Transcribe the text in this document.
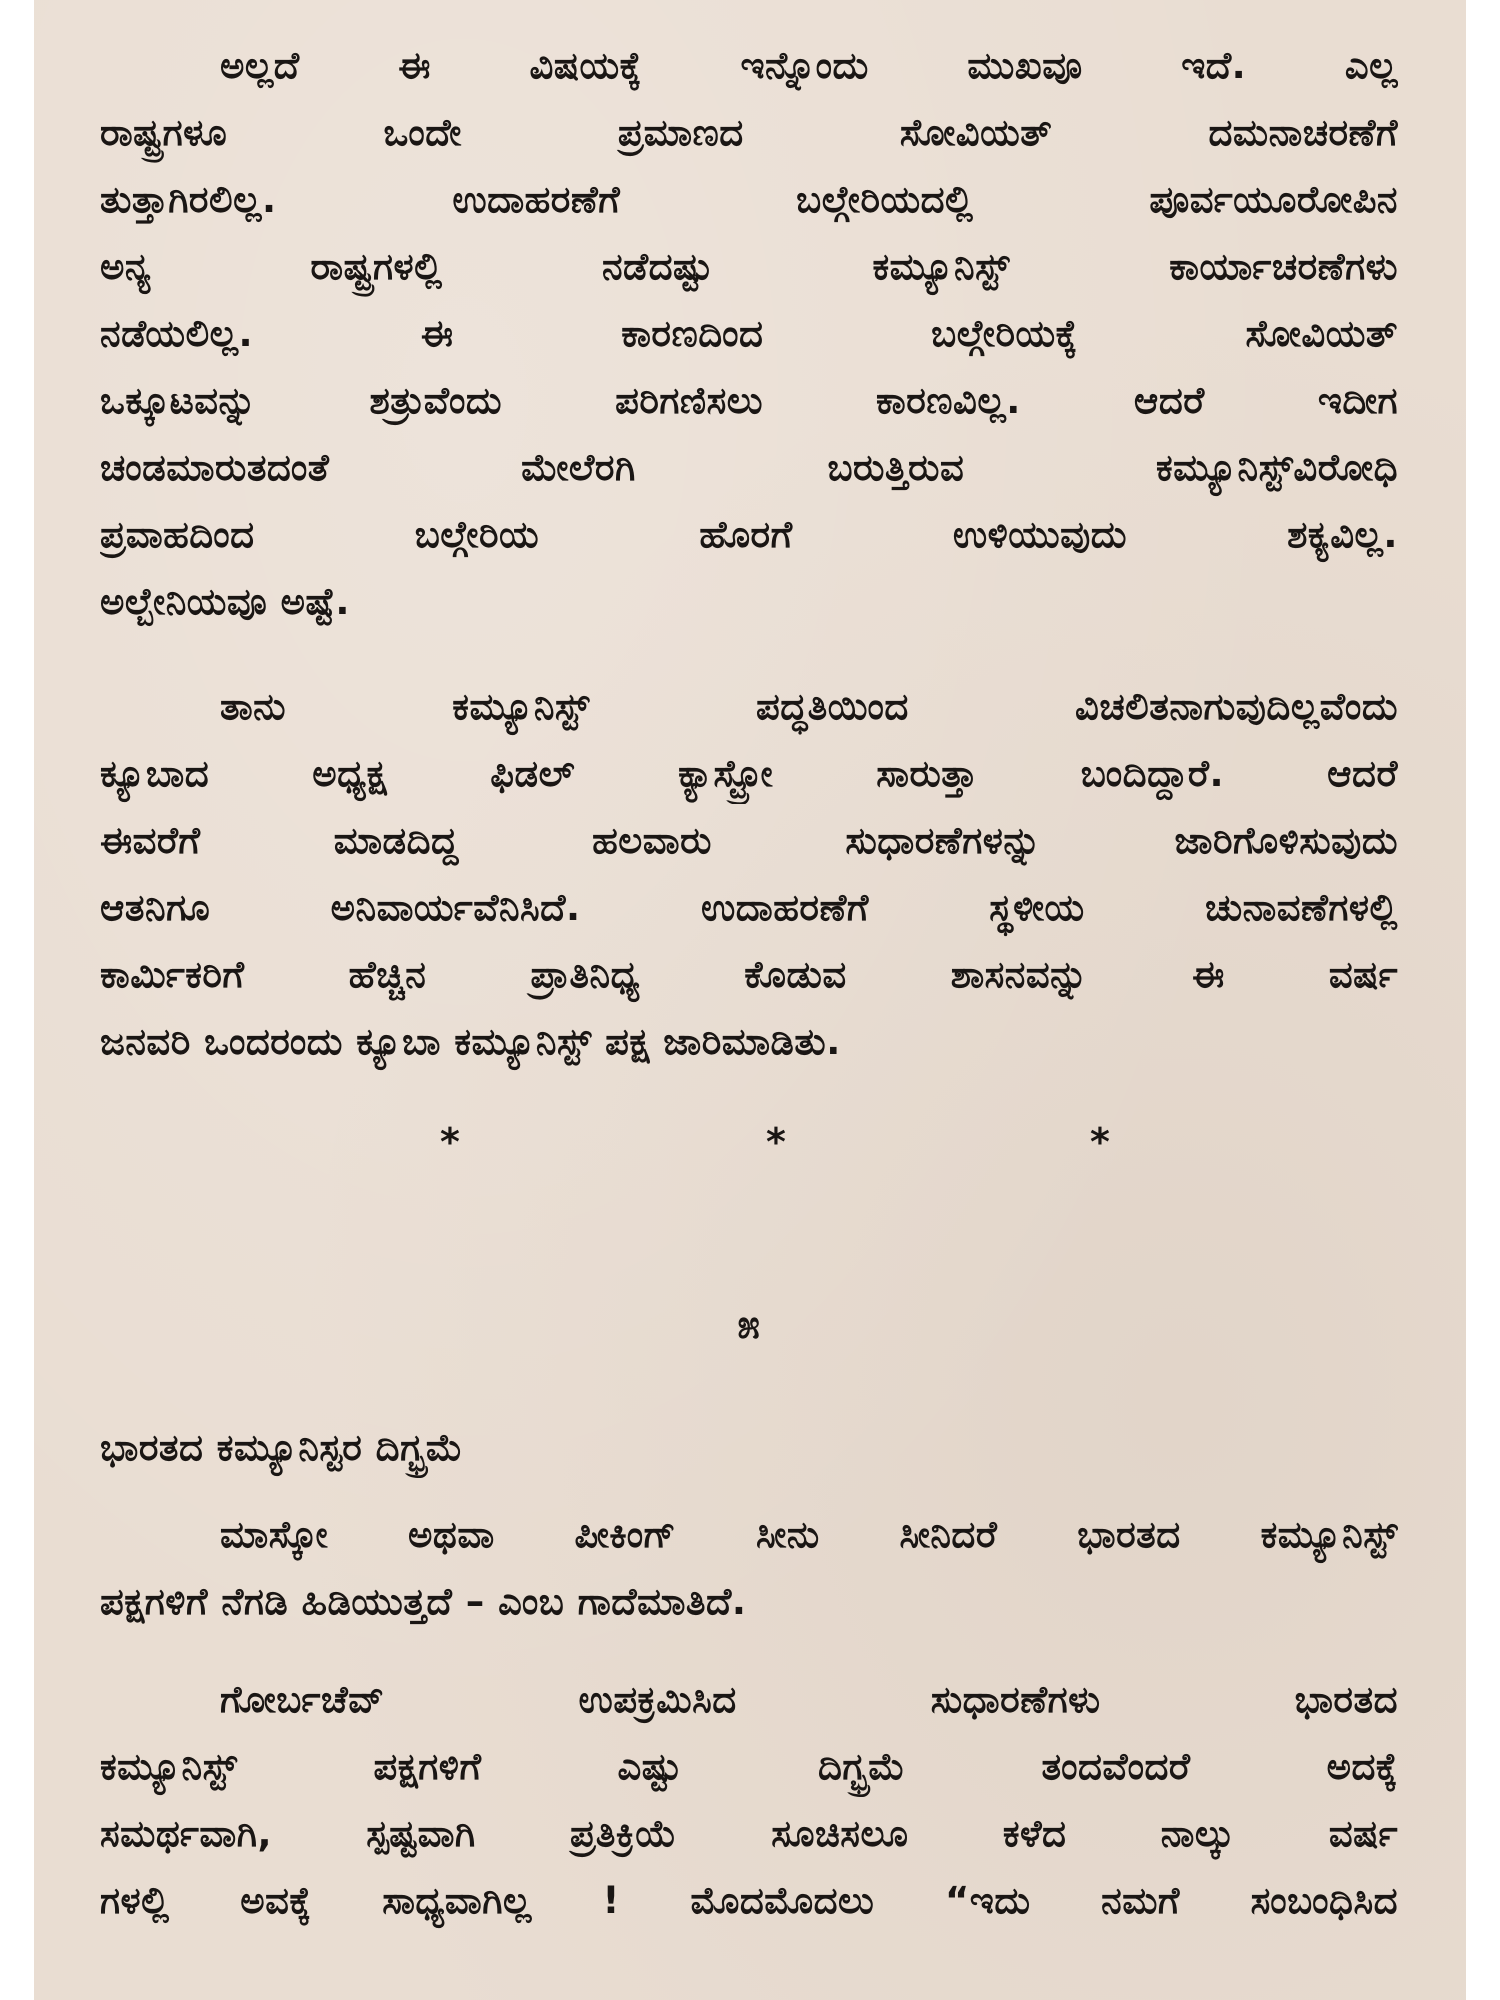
ಅಲ್ಲದೆ ಈ ವಿಷಯಕ್ಕೆ ಇನ್ನೊಂದು ಮುಖವೂ ಇದೆ. ಎಲ್ಲ
ರಾಷ್ಟ್ರಗಳೂ ಒಂದೇ ಪ್ರಮಾಣದ ಸೋವಿಯತ್ ದಮನಾಚರಣೆಗೆ
ತುತ್ತಾಗಿರಲಿಲ್ಲ. ಉದಾಹರಣೆಗೆ ಬಲ್ಗೇರಿಯದಲ್ಲಿ ಪೂರ್ವಯೂರೋಪಿನ
ಅನ್ಯ ರಾಷ್ಟ್ರಗಳಲ್ಲಿ ನಡೆದಷ್ಟು ಕಮ್ಯೂನಿಸ್ಟ್ ಕಾರ್ಯಾಚರಣೆಗಳು
ನಡೆಯಲಿಲ್ಲ. ಈ ಕಾರಣದಿಂದ ಬಲ್ಗೇರಿಯಕ್ಕೆ ಸೋವಿಯತ್
ಒಕ್ಕೂಟವನ್ನು ಶತ್ರುವೆಂದು ಪರಿಗಣಿಸಲು ಕಾರಣವಿಲ್ಲ. ಆದರೆ ಇದೀಗ
ಚಂಡಮಾರುತದಂತೆ ಮೇಲೆರಗಿ ಬರುತ್ತಿರುವ ಕಮ್ಯೂನಿಸ್ಟ್‌ವಿರೋಧಿ
ಪ್ರವಾಹದಿಂದ ಬಲ್ಗೇರಿಯ ಹೊರಗೆ ಉಳಿಯುವುದು ಶಕ್ಯವಿಲ್ಲ.
ಅಲ್ಬೇನಿಯವೂ ಅಷ್ಟೆ.
ತಾನು ಕಮ್ಯೂನಿಸ್ಟ್ ಪದ್ಧತಿಯಿಂದ ವಿಚಲಿತನಾಗುವುದಿಲ್ಲವೆಂದು
ಕ್ಯೂಬಾದ ಅಧ್ಯಕ್ಷ ಫಿಡಲ್ ಕ್ಯಾಸ್ಟ್ರೋ ಸಾರುತ್ತಾ ಬಂದಿದ್ದಾರೆ. ಆದರೆ
ಈವರೆಗೆ ಮಾಡದಿದ್ದ ಹಲವಾರು ಸುಧಾರಣೆಗಳನ್ನು ಜಾರಿಗೊಳಿಸುವುದು
ಆತನಿಗೂ ಅನಿವಾರ್ಯವೆನಿಸಿದೆ. ಉದಾಹರಣೆಗೆ ಸ್ಥಳೀಯ ಚುನಾವಣೆಗಳಲ್ಲಿ
ಕಾರ್ಮಿಕರಿಗೆ ಹೆಚ್ಚಿನ ಪ್ರಾತಿನಿಧ್ಯ ಕೊಡುವ ಶಾಸನವನ್ನು ಈ ವರ್ಷ
ಜನವರಿ ಒಂದರಂದು ಕ್ಯೂಬಾ ಕಮ್ಯೂನಿಸ್ಟ್ ಪಕ್ಷ ಜಾರಿಮಾಡಿತು.
*	*	*
೫
ಭಾರತದ ಕಮ್ಯೂನಿಸ್ಟರ ದಿಗ್ಭ್ರಮೆ
ಮಾಸ್ಕೋ ಅಥವಾ ಪೀಕಿಂಗ್ ಸೀನು ಸೀನಿದರೆ ಭಾರತದ ಕಮ್ಯೂನಿಸ್ಟ್
ಪಕ್ಷಗಳಿಗೆ ನೆಗಡಿ ಹಿಡಿಯುತ್ತದೆ – ಎಂಬ ಗಾದೆಮಾತಿದೆ.
ಗೋರ್ಬಚೆವ್ ಉಪಕ್ರಮಿಸಿದ ಸುಧಾರಣೆಗಳು ಭಾರತದ
ಕಮ್ಯೂನಿಸ್ಟ್ ಪಕ್ಷಗಳಿಗೆ ಎಷ್ಟು ದಿಗ್ಭ್ರಮೆ ತಂದವೆಂದರೆ ಅದಕ್ಕೆ
ಸಮರ್ಥವಾಗಿ, ಸ್ಪಷ್ಟವಾಗಿ ಪ್ರತಿಕ್ರಿಯೆ ಸೂಚಿಸಲೂ ಕಳೆದ ನಾಲ್ಕು ವರ್ಷ
ಗಳಲ್ಲಿ ಅವಕ್ಕೆ ಸಾಧ್ಯವಾಗಿಲ್ಲ ! ಮೊದಮೊದಲು “ಇದು ನಮಗೆ ಸಂಬಂಧಿಸಿದ
